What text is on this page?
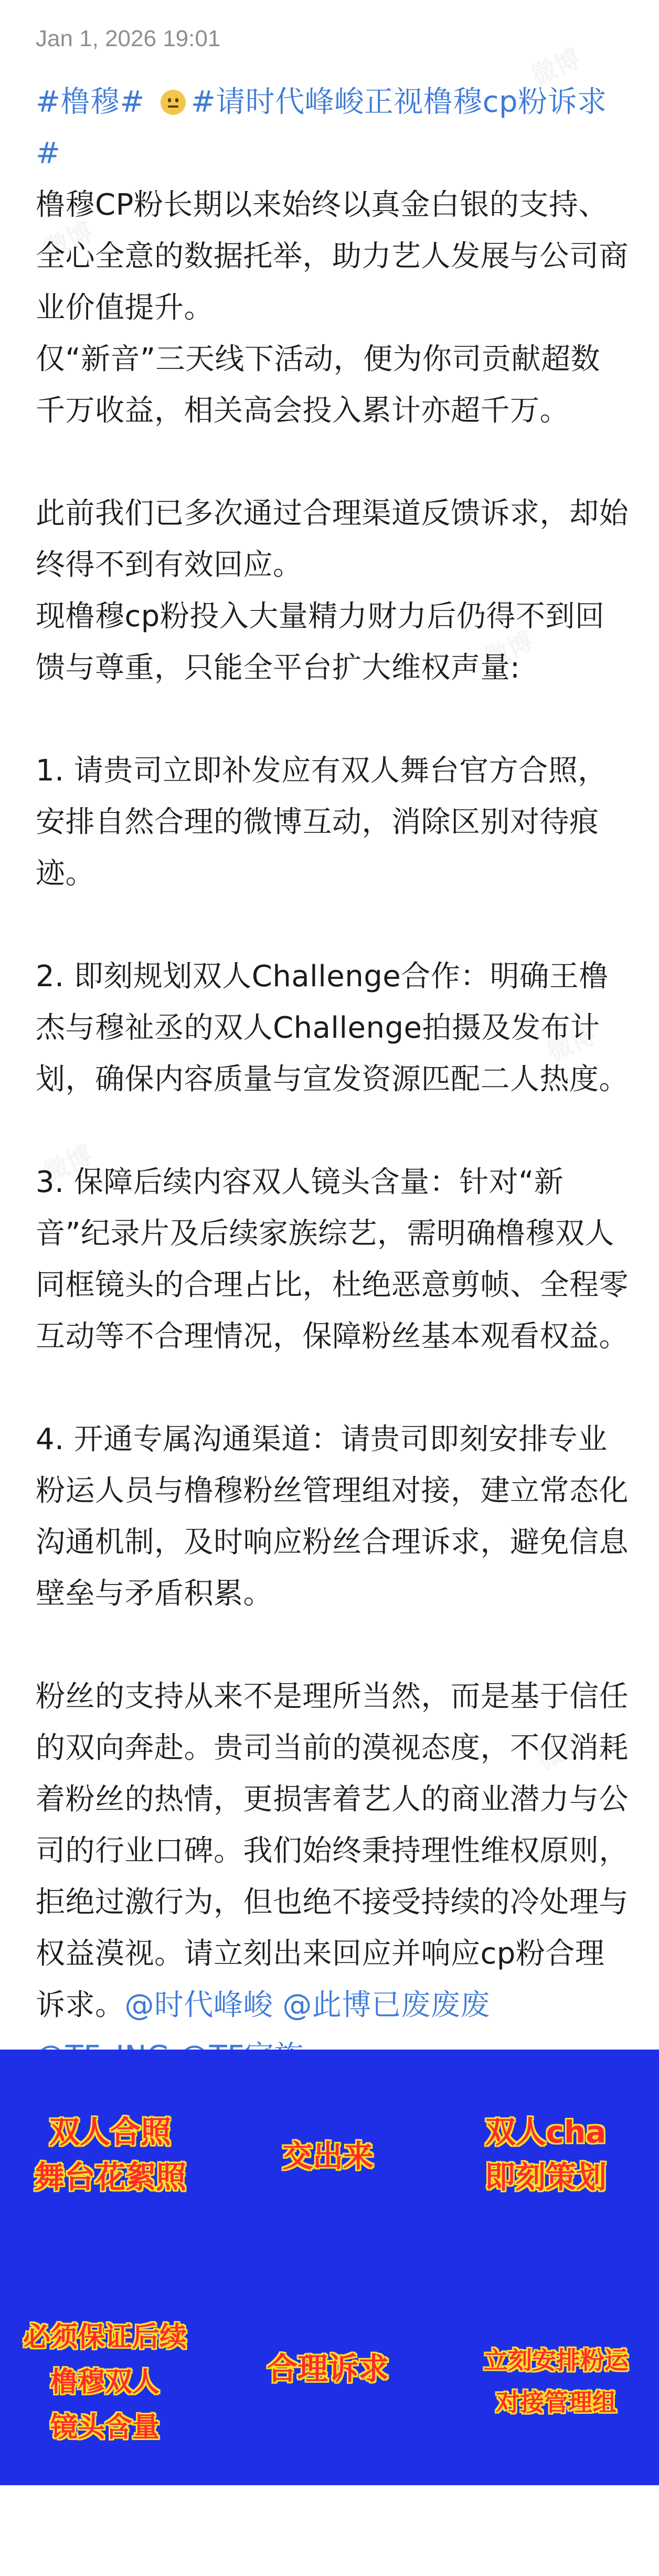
Jan 1, 2026 19:01

#橹穆# #请时代峰峻正视橹穆cp粉诉求#

橹穆CP粉长期以来始终以真金白银的支持、全心全意的数据托举，助力艺人发展与公司商业价值提升。

仅“新音”三天线下活动，便为你司贡献超数千万收益，相关高会投入累计亦超千万。

此前我们已多次通过合理渠道反馈诉求，却始终得不到有效回应。

现橹穆cp粉投入大量精力财力后仍得不到回馈与尊重，只能全平台扩大维权声量:

1. 请贵司立即补发应有双人舞台官方合照，安排自然合理的微博互动，消除区别对待痕迹。

2. 即刻规划双人Challenge合作：明确王橹杰与穆祉丞的双人Challenge拍摄及发布计划，确保内容质量与宣发资源匹配二人热度。

3. 保障后续内容双人镜头含量：针对“新音”纪录片及后续家族综艺，需明确橹穆双人同框镜头的合理占比，杜绝恶意剪帧、全程零互动等不合理情况，保障粉丝基本观看权益。

4. 开通专属沟通渠道：请贵司即刻安排专业粉运人员与橹穆粉丝管理组对接，建立常态化沟通机制，及时响应粉丝合理诉求，避免信息壁垒与矛盾积累。

粉丝的支持从来不是理所当然，而是基于信任的双向奔赴。贵司当前的漠视态度，不仅消耗着粉丝的热情，更损害着艺人的商业潜力与公司的行业口碑。我们始终秉持理性维权原则，拒绝过激行为，但也绝不接受持续的冷处理与权益漠视。请立刻出来回应并响应cp粉合理诉求。@时代峰峻 @此博已废废废

双人合照
舞台花絮照
交出来
双人cha
即刻策划
必须保证后续
橹穆双人
镜头含量
合理诉求	立刻安排粉运
对接管理组
